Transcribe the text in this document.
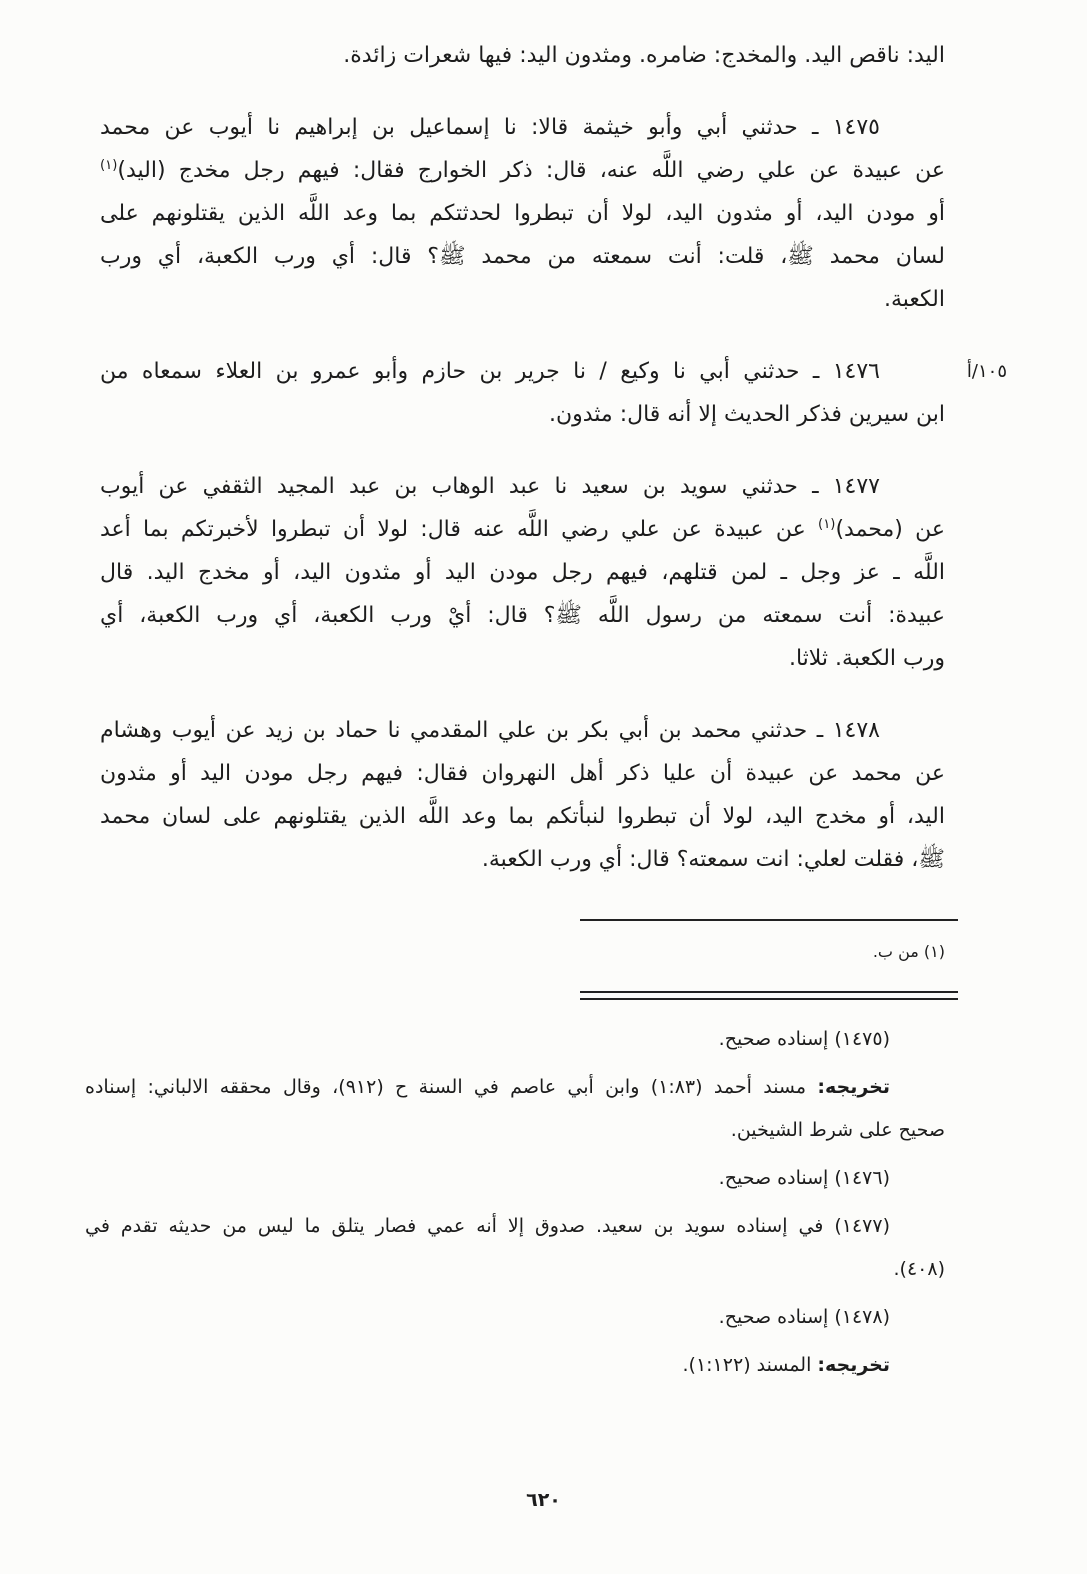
اليد: ناقص اليد. والمخدج: ضامره. ومثدون اليد: فيها شعرات زائدة.
١٤٧٥ ـ حدثني أبي وأبو خيثمة قالا: نا إسماعيل بن إبراهيم نا أيوب عن محمد
عن عبيدة عن علي رضي اللَّه عنه، قال: ذكر الخوارج فقال: فيهم رجل مخدج (اليد)$^{(١)}$
أو مودن اليد، أو مثدون اليد، لولا أن تبطروا لحدثتكم بما وعد اللَّه الذين يقتلونهم على
لسان محمد ﷺ، قلت: أنت سمعته من محمد ﷺ؟ قال: أي ورب الكعبة، أي ورب
الكعبة.
١٠٥/أ
١٤٧٦ ـ حدثني أبي نا وكيع / نا جرير بن حازم وأبو عمرو بن العلاء سمعاه من
ابن سيرين فذكر الحديث إلا أنه قال: مثدون.
١٤٧٧ ـ حدثني سويد بن سعيد نا عبد الوهاب بن عبد المجيد الثقفي عن أيوب
عن (محمد)$^{(١)}$ عن عبيدة عن علي رضي اللَّه عنه قال: لولا أن تبطروا لأخبرتكم بما أعد
اللَّه ـ عز وجل ـ لمن قتلهم، فيهم رجل مودن اليد أو مثدون اليد، أو مخدج اليد. قال
عبيدة: أنت سمعته من رسول اللَّه ﷺ؟ قال: أيْ ورب الكعبة، أي ورب الكعبة، أي
ورب الكعبة. ثلاثا.
١٤٧٨ ـ حدثني محمد بن أبي بكر بن علي المقدمي نا حماد بن زيد عن أيوب وهشام
عن محمد عن عبيدة أن عليا ذكر أهل النهروان فقال: فيهم رجل مودن اليد أو مثدون
اليد، أو مخدج اليد، لولا أن تبطروا لنبأتكم بما وعد اللَّه الذين يقتلونهم على لسان محمد
ﷺ، فقلت لعلي: انت سمعته؟ قال: أي ورب الكعبة.
(١) من ب.
(١٤٧٥) إسناده صحيح.
تخريجه: مسند أحمد (١:٨٣) وابن أبي عاصم في السنة ح (٩١٢)، وقال محققه الالباني: إسناده
صحيح على شرط الشيخين.
(١٤٧٦) إسناده صحيح.
(١٤٧٧) في إسناده سويد بن سعيد. صدوق إلا أنه عمي فصار يتلق ما ليس من حديثه تقدم في
(٤٠٨).
(١٤٧٨) إسناده صحيح.
تخريجه: المسند (١:١٢٢).
٦٢٠
